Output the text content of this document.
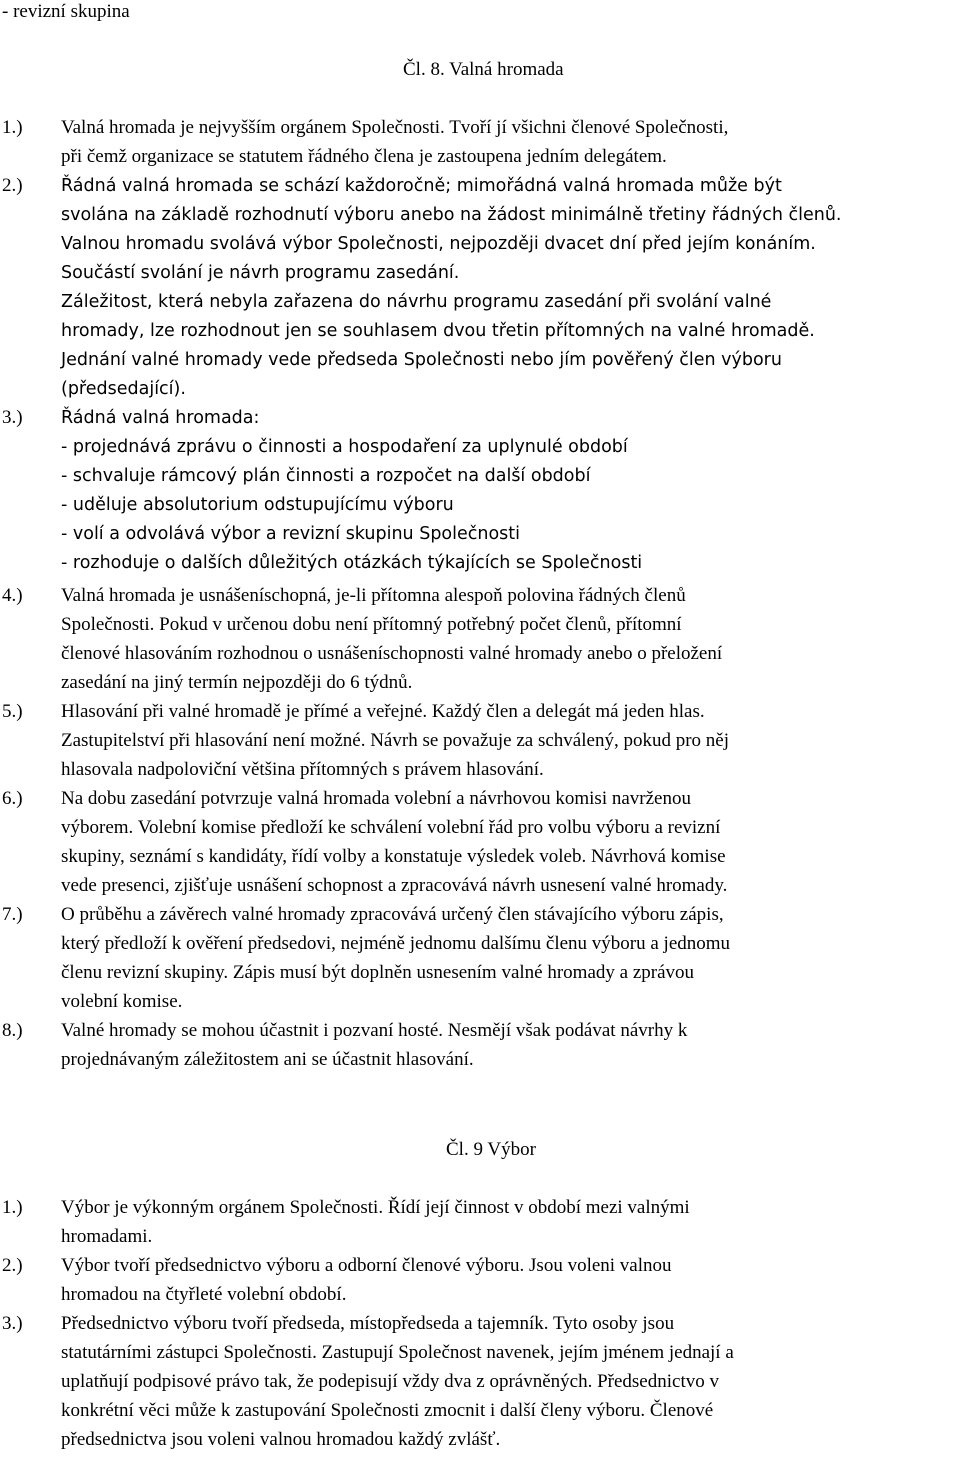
- revizní skupina
Čl. 8. Valná hromada
1.) Valná hromada je nejvyšším orgánem Společnosti. Tvoří jí všichni členové Společnosti,
při čemž organizace se statutem řádného člena je zastoupena jedním delegátem.
2.) Řádná valná hromada se schází každoročně; mimořádná valná hromada může být
svolána na základě rozhodnutí výboru anebo na žádost minimálně třetiny řádných členů.
Valnou hromadu svolává výbor Společnosti, nejpozději dvacet dní před jejím konáním.
Součástí svolání je návrh programu zasedání.
Záležitost, která nebyla zařazena do návrhu programu zasedání při svolání valné
hromady, lze rozhodnout jen se souhlasem dvou třetin přítomných na valné hromadě.
Jednání valné hromady vede předseda Společnosti nebo jím pověřený člen výboru
(předsedající).
3.) Řádná valná hromada:
- projednává zprávu o činnosti a hospodaření za uplynulé období
- schvaluje rámcový plán činnosti a rozpočet na další období
- uděluje absolutorium odstupujícímu výboru
- volí a odvolává výbor a revizní skupinu Společnosti
- rozhoduje o dalších důležitých otázkách týkajících se Společnosti
4.) Valná hromada je usnášeníschopná, je-li přítomna alespoň polovina řádných členů
Společnosti. Pokud v určenou dobu není přítomný potřebný počet členů, přítomní
členové hlasováním rozhodnou o usnášeníschopnosti valné hromady anebo o přeložení
zasedání na jiný termín nejpozději do 6 týdnů.
5.) Hlasování při valné hromadě je přímé a veřejné. Každý člen a delegát má jeden hlas.
Zastupitelství při hlasování není možné. Návrh se považuje za schválený, pokud pro něj
hlasovala nadpoloviční většina přítomných s právem hlasování.
6.) Na dobu zasedání potvrzuje valná hromada volební a návrhovou komisi navrženou
výborem. Volební komise předloží ke schválení volební řád pro volbu výboru a revizní
skupiny, seznámí s kandidáty, řídí volby a konstatuje výsledek voleb. Návrhová komise
vede presenci, zjišťuje usnášení schopnost a zpracovává návrh usnesení valné hromady.
7.) O průběhu a závěrech valné hromady zpracovává určený člen stávajícího výboru zápis,
který předloží k ověření předsedovi, nejméně jednomu dalšímu členu výboru a jednomu
členu revizní skupiny. Zápis musí být doplněn usnesením valné hromady a zprávou
volební komise.
8.) Valné hromady se mohou účastnit i pozvaní hosté. Nesmějí však podávat návrhy k
projednávaným záležitostem ani se účastnit hlasování.
Čl. 9 Výbor
1.) Výbor je výkonným orgánem Společnosti. Řídí její činnost v období mezi valnými
hromadami.
2.) Výbor tvoří předsednictvo výboru a odborní členové výboru. Jsou voleni valnou
hromadou na čtyřleté volební období.
3.) Předsednictvo výboru tvoří předseda, místopředseda a tajemník. Tyto osoby jsou
statutárními zástupci Společnosti. Zastupují Společnost navenek, jejím jménem jednají a
uplatňují podpisové právo tak, že podepisují vždy dva z oprávněných. Předsednictvo v
konkrétní věci může k zastupování Společnosti zmocnit i další členy výboru. Členové
předsednictva jsou voleni valnou hromadou každý zvlášť.
